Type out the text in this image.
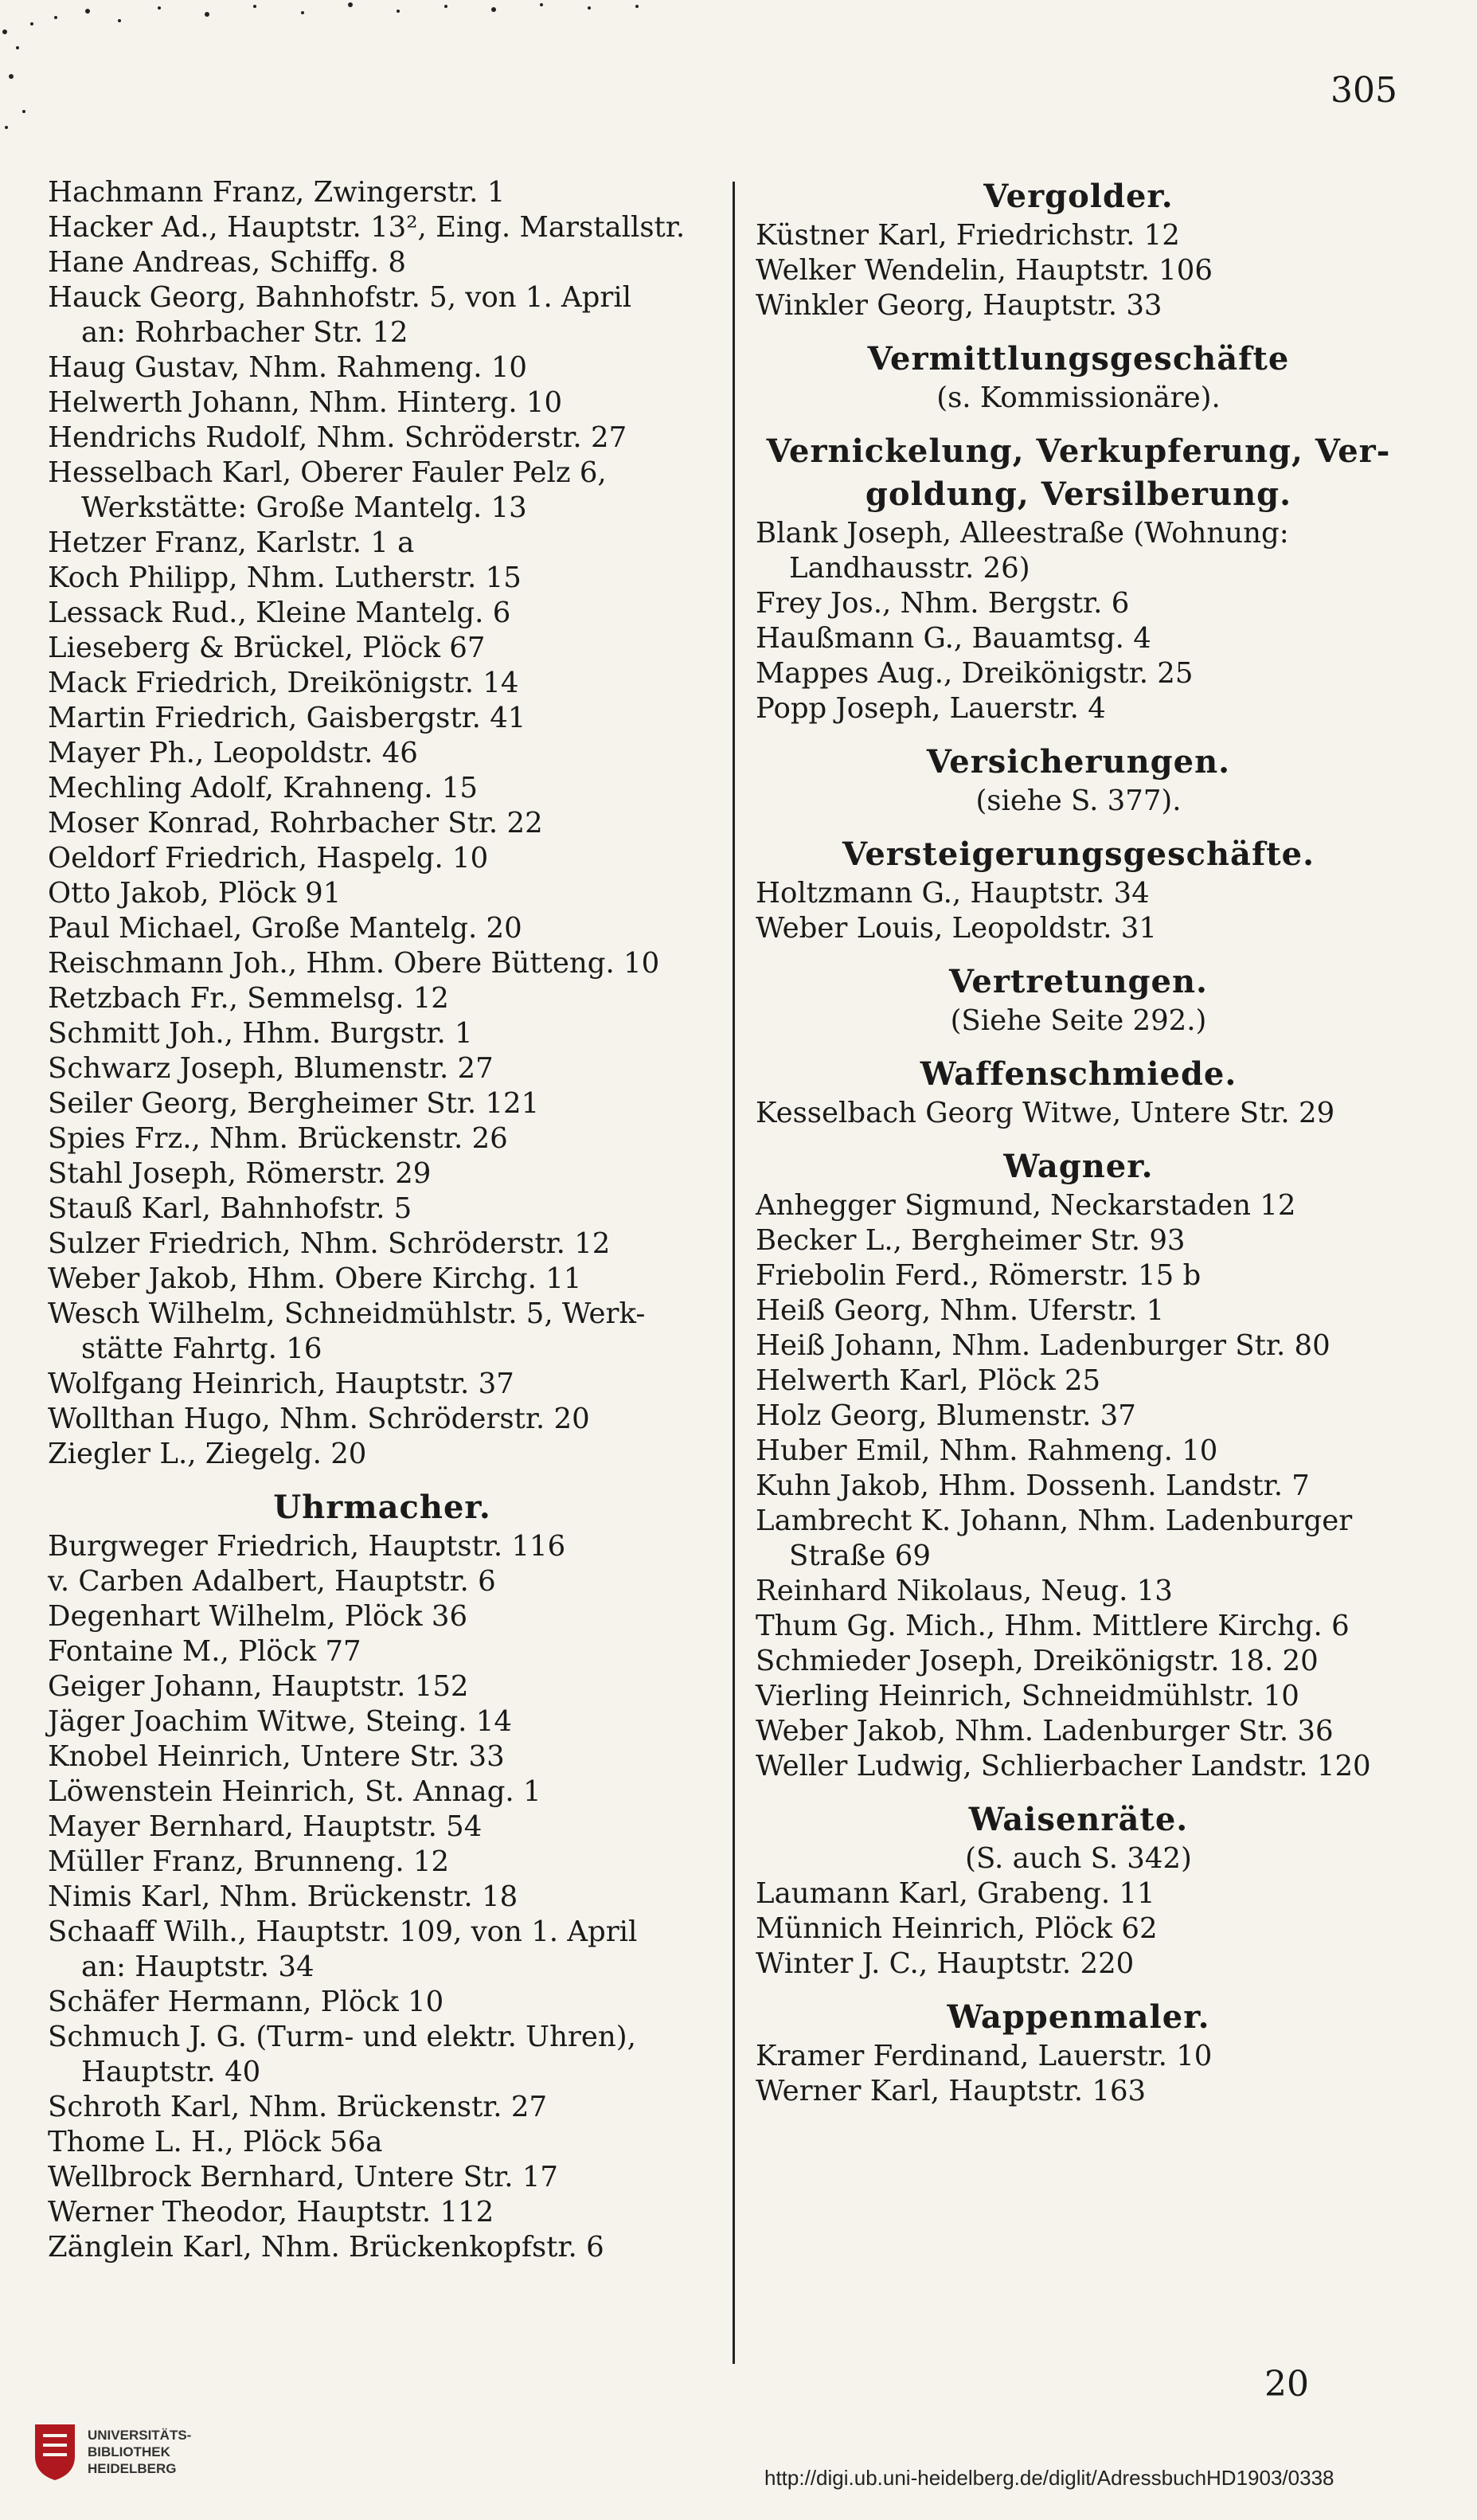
305
Hachmann Franz, Zwingerstr. 1
Hacker Ad., Hauptstr. 13², Eing. Marstallstr.
Hane Andreas, Schiffg. 8
Hauck Georg, Bahnhofstr. 5, von 1. April
an: Rohrbacher Str. 12
Haug Gustav, Nhm. Rahmeng. 10
Helwerth Johann, Nhm. Hinterg. 10
Hendrichs Rudolf, Nhm. Schröderstr. 27
Hesselbach Karl, Oberer Fauler Pelz 6,
Werkstätte: Große Mantelg. 13
Hetzer Franz, Karlstr. 1 a
Koch Philipp, Nhm. Lutherstr. 15
Lessack Rud., Kleine Mantelg. 6
Lieseberg & Brückel, Plöck 67
Mack Friedrich, Dreikönigstr. 14
Martin Friedrich, Gaisbergstr. 41
Mayer Ph., Leopoldstr. 46
Mechling Adolf, Krahneng. 15
Moser Konrad, Rohrbacher Str. 22
Oeldorf Friedrich, Haspelg. 10
Otto Jakob, Plöck 91
Paul Michael, Große Mantelg. 20
Reischmann Joh., Hhm. Obere Bütteng. 10
Retzbach Fr., Semmelsg. 12
Schmitt Joh., Hhm. Burgstr. 1
Schwarz Joseph, Blumenstr. 27
Seiler Georg, Bergheimer Str. 121
Spies Frz., Nhm. Brückenstr. 26
Stahl Joseph, Römerstr. 29
Stauß Karl, Bahnhofstr. 5
Sulzer Friedrich, Nhm. Schröderstr. 12
Weber Jakob, Hhm. Obere Kirchg. 11
Wesch Wilhelm, Schneidmühlstr. 5, Werk-
stätte Fahrtg. 16
Wolfgang Heinrich, Hauptstr. 37
Wollthan Hugo, Nhm. Schröderstr. 20
Ziegler L., Ziegelg. 20
Uhrmacher.
Burgweger Friedrich, Hauptstr. 116
v. Carben Adalbert, Hauptstr. 6
Degenhart Wilhelm, Plöck 36
Fontaine M., Plöck 77
Geiger Johann, Hauptstr. 152
Jäger Joachim Witwe, Steing. 14
Knobel Heinrich, Untere Str. 33
Löwenstein Heinrich, St. Annag. 1
Mayer Bernhard, Hauptstr. 54
Müller Franz, Brunneng. 12
Nimis Karl, Nhm. Brückenstr. 18
Schaaff Wilh., Hauptstr. 109, von 1. April
an: Hauptstr. 34
Schäfer Hermann, Plöck 10
Schmuch J. G. (Turm- und elektr. Uhren),
Hauptstr. 40
Schroth Karl, Nhm. Brückenstr. 27
Thome L. H., Plöck 56a
Wellbrock Bernhard, Untere Str. 17
Werner Theodor, Hauptstr. 112
Zänglein Karl, Nhm. Brückenkopfstr. 6
Vergolder.
Küstner Karl, Friedrichstr. 12
Welker Wendelin, Hauptstr. 106
Winkler Georg, Hauptstr. 33
Vermittlungsgeschäfte
(s. Kommissionäre).
Vernickelung, Verkupferung, Ver-
goldung, Versilberung.
Blank Joseph, Alleestraße (Wohnung:
Landhausstr. 26)
Frey Jos., Nhm. Bergstr. 6
Haußmann G., Bauamtsg. 4
Mappes Aug., Dreikönigstr. 25
Popp Joseph, Lauerstr. 4
Versicherungen.
(siehe S. 377).
Versteigerungsgeschäfte.
Holtzmann G., Hauptstr. 34
Weber Louis, Leopoldstr. 31
Vertretungen.
(Siehe Seite 292.)
Waffenschmiede.
Kesselbach Georg Witwe, Untere Str. 29
Wagner.
Anhegger Sigmund, Neckarstaden 12
Becker L., Bergheimer Str. 93
Friebolin Ferd., Römerstr. 15 b
Heiß Georg, Nhm. Uferstr. 1
Heiß Johann, Nhm. Ladenburger Str. 80
Helwerth Karl, Plöck 25
Holz Georg, Blumenstr. 37
Huber Emil, Nhm. Rahmeng. 10
Kuhn Jakob, Hhm. Dossenh. Landstr. 7
Lambrecht K. Johann, Nhm. Ladenburger
Straße 69
Reinhard Nikolaus, Neug. 13
Thum Gg. Mich., Hhm. Mittlere Kirchg. 6
Schmieder Joseph, Dreikönigstr. 18. 20
Vierling Heinrich, Schneidmühlstr. 10
Weber Jakob, Nhm. Ladenburger Str. 36
Weller Ludwig, Schlierbacher Landstr. 120
Waisenräte.
(S. auch S. 342)
Laumann Karl, Grabeng. 11
Münnich Heinrich, Plöck 62
Winter J. C., Hauptstr. 220
Wappenmaler.
Kramer Ferdinand, Lauerstr. 10
Werner Karl, Hauptstr. 163
20
UNIVERSITÄTS-
BIBLIOTHEK
HEIDELBERG	http://digi.ub.uni-heidelberg.de/diglit/AdressbuchHD1903/0338
